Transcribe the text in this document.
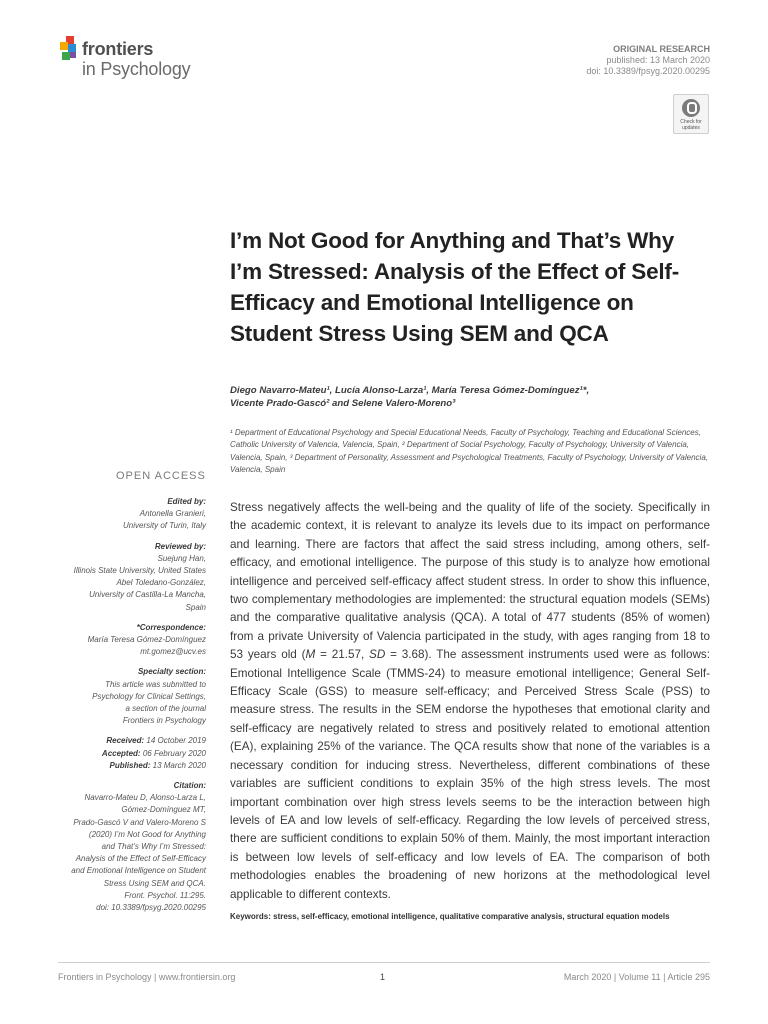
frontiers
in Psychology
ORIGINAL RESEARCH
published: 13 March 2020
doi: 10.3389/fpsyg.2020.00295
Check for
updates
I’m Not Good for Anything and That’s Why I’m Stressed: Analysis of the Effect of Self-Efficacy and Emotional Intelligence on Student Stress Using SEM and QCA
Diego Navarro-Mateu¹, Lucía Alonso-Larza¹, María Teresa Gómez-Domínguez¹*,
Vicente Prado-Gascó² and Selene Valero-Moreno³
¹ Department of Educational Psychology and Special Educational Needs, Faculty of Psychology, Teaching and Educational Sciences, Catholic University of Valencia, Valencia, Spain, ² Department of Social Psychology, Faculty of Psychology, University of Valencia, Valencia, Spain, ³ Department of Personality, Assessment and Psychological Treatments, Faculty of Psychology, University of Valencia, Valencia, Spain
OPEN ACCESS
Edited by:
Antonella Granieri,
University of Turin, Italy
Reviewed by:
Suejung Han,
Illinois State University, United States
Abel Toledano-González,
University of Castilla-La Mancha,
Spain
*Correspondence:
María Teresa Gómez-Domínguez
mt.gomez@ucv.es
Specialty section:
This article was submitted to
Psychology for Clinical Settings,
a section of the journal
Frontiers in Psychology
Received: 14 October 2019
Accepted: 06 February 2020
Published: 13 March 2020
Citation:
Navarro-Mateu D, Alonso-Larza L,
Gómez-Domínguez MT,
Prado-Gascó V and Valero-Moreno S
(2020) I’m Not Good for Anything
and That’s Why I’m Stressed:
Analysis of the Effect of Self-Efficacy
and Emotional Intelligence on Student
Stress Using SEM and QCA.
Front. Psychol. 11:295.
doi: 10.3389/fpsyg.2020.00295

Stress negatively affects the well-being and the quality of life of the society. Specifically in the academic context, it is relevant to analyze its levels due to its impact on performance and learning. There are factors that affect the said stress including, among others, self-efficacy, and emotional intelligence. The purpose of this study is to analyze how emotional intelligence and perceived self-efficacy affect student stress. In order to show this influence, two complementary methodologies are implemented: the structural equation models (SEMs) and the comparative qualitative analysis (QCA). A total of 477 students (85% of women) from a private University of Valencia participated in the study, with ages ranging from 18 to 53 years old (M = 21.57, SD = 3.68). The assessment instruments used were as follows: Emotional Intelligence Scale (TMMS-24) to measure emotional intelligence; General Self-Efficacy Scale (GSS) to measure self-efficacy; and Perceived Stress Scale (PSS) to measure stress. The results in the SEM endorse the hypotheses that emotional clarity and self-efficacy are negatively related to stress and positively related to emotional attention (EA), explaining 25% of the variance. The QCA results show that none of the variables is a necessary condition for inducing stress. Nevertheless, different combinations of these variables are sufficient conditions to explain 35% of the high stress levels. The most important combination over high stress levels seems to be the interaction between high levels of EA and low levels of self-efficacy. Regarding the low levels of perceived stress, there are sufficient conditions to explain 50% of them. Mainly, the most important interaction is between low levels of self-efficacy and low levels of EA. The comparison of both methodologies enables the broadening of new horizons at the methodological level applicable to different contexts.

Keywords: stress, self-efficacy, emotional intelligence, qualitative comparative analysis, structural equation models
Frontiers in Psychology | www.frontiersin.org	1	March 2020 | Volume 11 | Article 295
